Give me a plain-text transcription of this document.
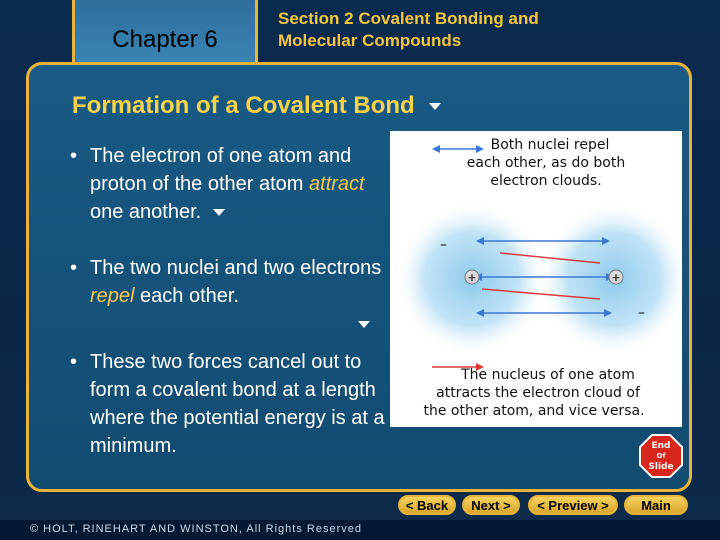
Chapter 6
Section 2 Covalent Bonding and
Molecular Compounds
Formation of a Covalent Bond
• The electron of one atom and proton of the other atom attract one another.
• The two nuclei and two electrons repel each other.
• These two forces cancel out to form a covalent bond at a length where the potential energy is at a minimum.
Both nuclei repel
each other, as do both
electron clouds.
+	+
–
–
The nucleus of one atom
attracts the electron cloud of
the other atom, and vice versa.
End
Of
Slide
< Back	Next >	< Preview >	Main
© HOLT, RINEHART AND WINSTON, All Rights Reserved
